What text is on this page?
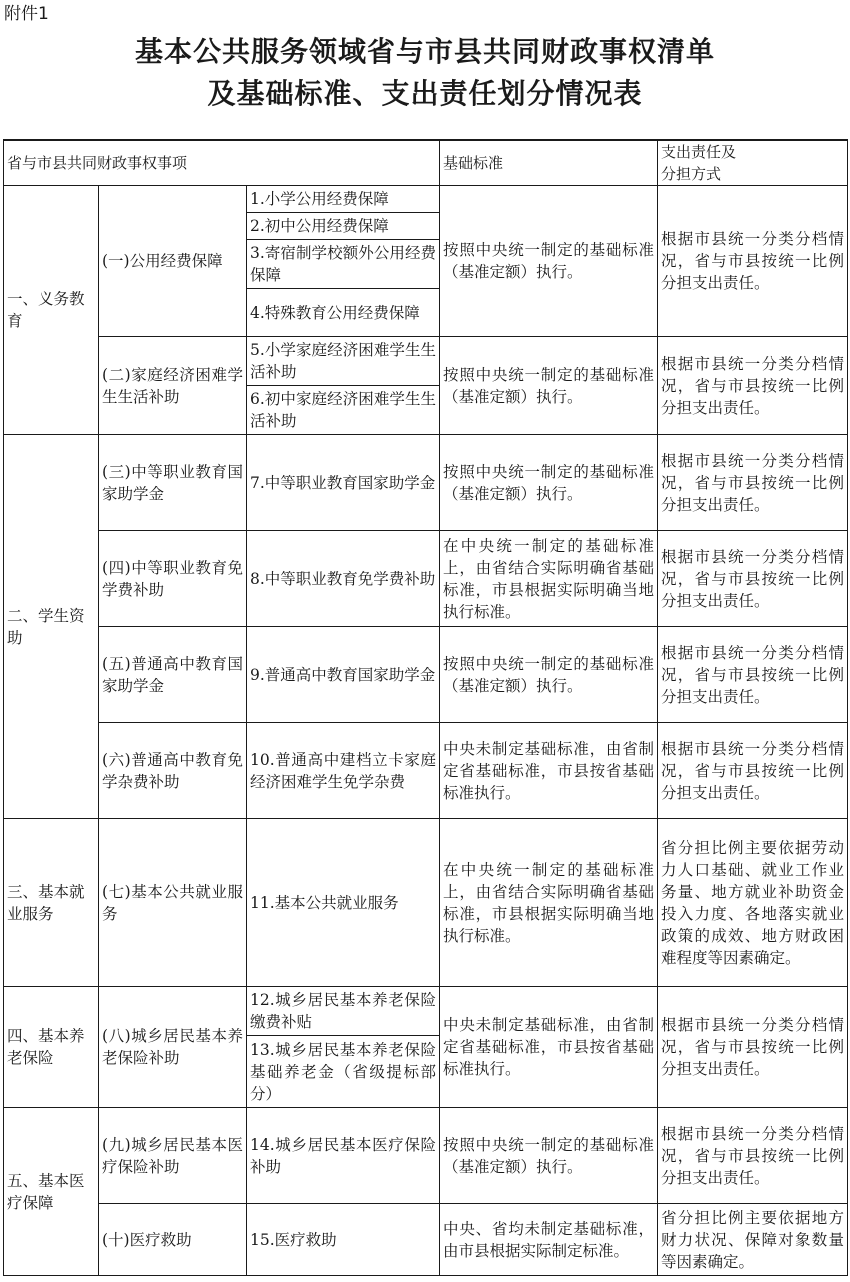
附件1
基本公共服务领域省与市县共同财政事权清单
及基础标准、支出责任划分情况表
省与市县共同财政事权事项			基础标准	支出责任及
分担方式
一、义务教育	(一)公用经费保障	1.小学公用经费保障	按照中央统一制定的基础标准（基准定额）执行。	根据市县统一分类分档情况，省与市县按统一比例分担支出责任。
		2.初中公用经费保障		
		3.寄宿制学校额外公用经费保障		
		4.特殊教育公用经费保障		
	(二)家庭经济困难学生生活补助	5.小学家庭经济困难学生生活补助	按照中央统一制定的基础标准（基准定额）执行。	根据市县统一分类分档情况，省与市县按统一比例分担支出责任。
		6.初中家庭经济困难学生生活补助		
二、学生资助	(三)中等职业教育国家助学金	7.中等职业教育国家助学金	按照中央统一制定的基础标准（基准定额）执行。	根据市县统一分类分档情况，省与市县按统一比例分担支出责任。
	(四)中等职业教育免学费补助	8.中等职业教育免学费补助	在中央统一制定的基础标准上，由省结合实际明确省基础标准，市县根据实际明确当地执行标准。	根据市县统一分类分档情况，省与市县按统一比例分担支出责任。
	(五)普通高中教育国家助学金	9.普通高中教育国家助学金	按照中央统一制定的基础标准（基准定额）执行。	根据市县统一分类分档情况，省与市县按统一比例分担支出责任。
	(六)普通高中教育免学杂费补助	10.普通高中建档立卡家庭经济困难学生免学杂费	中央未制定基础标准，由省制定省基础标准，市县按省基础标准执行。	根据市县统一分类分档情况，省与市县按统一比例分担支出责任。
三、基本就业服务	(七)基本公共就业服务	11.基本公共就业服务	在中央统一制定的基础标准上，由省结合实际明确省基础标准，市县根据实际明确当地执行标准。	省分担比例主要依据劳动力人口基础、就业工作业务量、地方就业补助资金投入力度、各地落实就业政策的成效、地方财政困难程度等因素确定。
四、基本养老保险	(八)城乡居民基本养老保险补助	12.城乡居民基本养老保险缴费补贴	中央未制定基础标准，由省制定省基础标准，市县按省基础标准执行。	根据市县统一分类分档情况，省与市县按统一比例分担支出责任。
		13.城乡居民基本养老保险基础养老金（省级提标部分）		
五、基本医疗保障	(九)城乡居民基本医疗保险补助	14.城乡居民基本医疗保险补助	按照中央统一制定的基础标准（基准定额）执行。	根据市县统一分类分档情况，省与市县按统一比例分担支出责任。
	(十)医疗救助	15.医疗救助	中央、省均未制定基础标准，由市县根据实际制定标准。	省分担比例主要依据地方财力状况、保障对象数量等因素确定。
